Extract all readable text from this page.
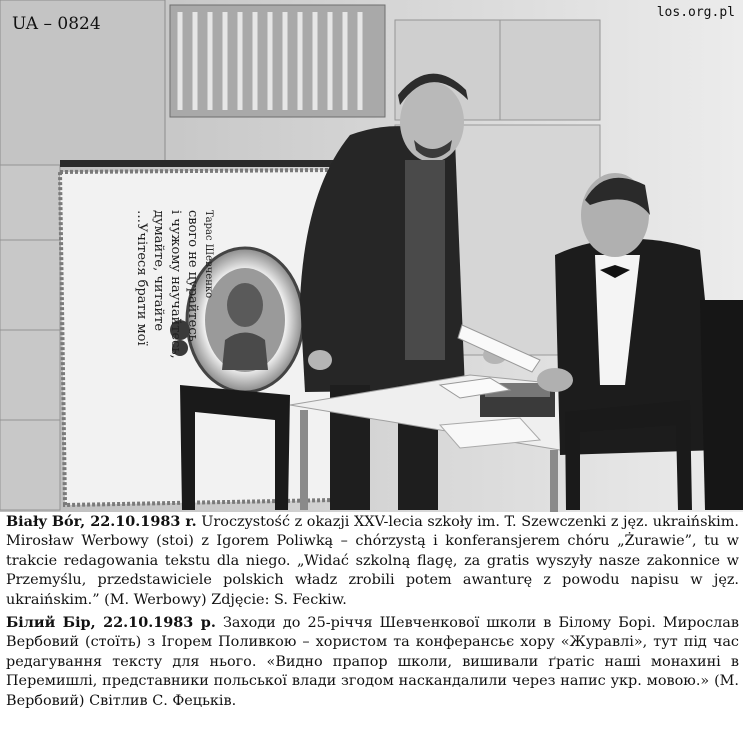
…Учітеся брати мої думайте, читайте і чужому научайтесь, свого не цурайтесь Тарас Шевченко
UA – 0824
los.org.pl

Biały Bór, 22.10.1983 r. Uroczystość z okazji XXV-lecia szkoły im. T. Szewczenki z jęz. ukraińskim. Mirosław Werbowy (stoi) z Igorem Poliwką – chórzystą i konferansjerem chóru „Żurawie”, tu w trakcie redagowania tekstu dla niego. „Widać szkolną flagę, za gratis wyszyły nasze zakonnice w Przemyślu, przedstawiciele polskich władz zrobili potem awanturę z powodu napisu w jęz. ukraińskim.” (M. Werbowy) Zdjęcie: S. Feckiw.

Білий Бір, 22.10.1983 р. Заходи до 25-річчя Шевченкової школи в Білому Борі. Мирослав Вербовий (стоїть) з Ігорем Поливкою – хористом та конферансьє хору «Журавлі», тут під час редагування тексту для нього. «Видно прапор школи, вишивали ґратіс наші монахині в Перемишлі, представники польської влади згодом наскандалили через напис укр. мовою.» (М. Вербовий) Світлив С. Фецьків.
